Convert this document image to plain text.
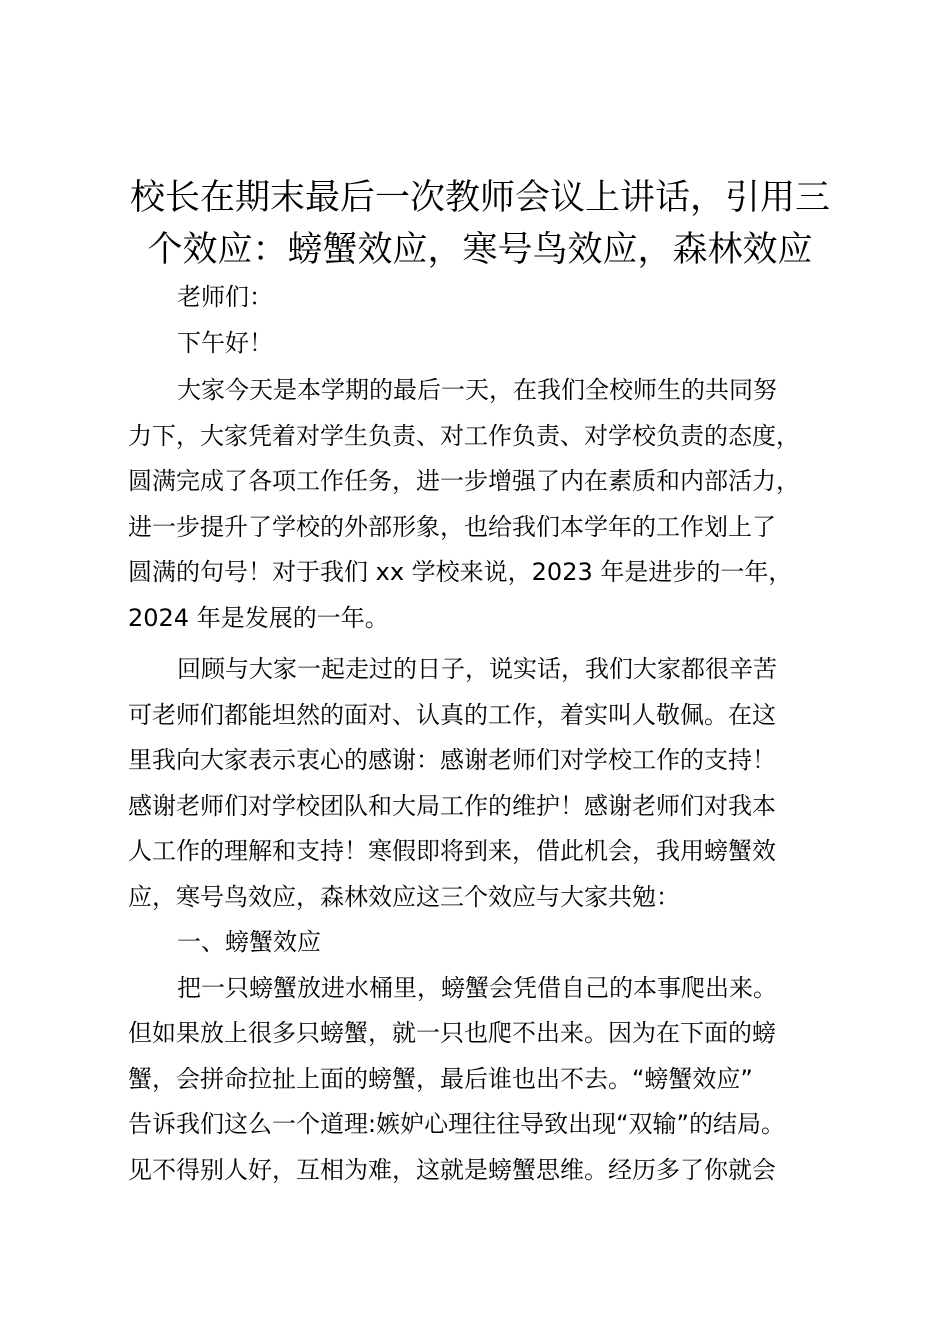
校长在期末最后一次教师会议上讲话，引用三
个效应：螃蟹效应，寒号鸟效应，森林效应
老师们：
下午好！
大家今天是本学期的最后一天，在我们全校师生的共同努
力下，大家凭着对学生负责、对工作负责、对学校负责的态度，
圆满完成了各项工作任务，进一步增强了内在素质和内部活力，
进一步提升了学校的外部形象，也给我们本学年的工作划上了
圆满的句号！对于我们 xx 学校来说，2023 年是进步的一年，
2024 年是发展的一年。
回顾与大家一起走过的日子，说实话，我们大家都很辛苦
可老师们都能坦然的面对、认真的工作，着实叫人敬佩。在这
里我向大家表示衷心的感谢：感谢老师们对学校工作的支持！
感谢老师们对学校团队和大局工作的维护！感谢老师们对我本
人工作的理解和支持！寒假即将到来，借此机会，我用螃蟹效
应，寒号鸟效应，森林效应这三个效应与大家共勉：
一、螃蟹效应
把一只螃蟹放进水桶里，螃蟹会凭借自己的本事爬出来。
但如果放上很多只螃蟹，就一只也爬不出来。因为在下面的螃
蟹，会拼命拉扯上面的螃蟹，最后谁也出不去。“螃蟹效应”
告诉我们这么一个道理:嫉妒心理往往导致出现“双输”的结局。
见不得别人好，互相为难，这就是螃蟹思维。经历多了你就会
